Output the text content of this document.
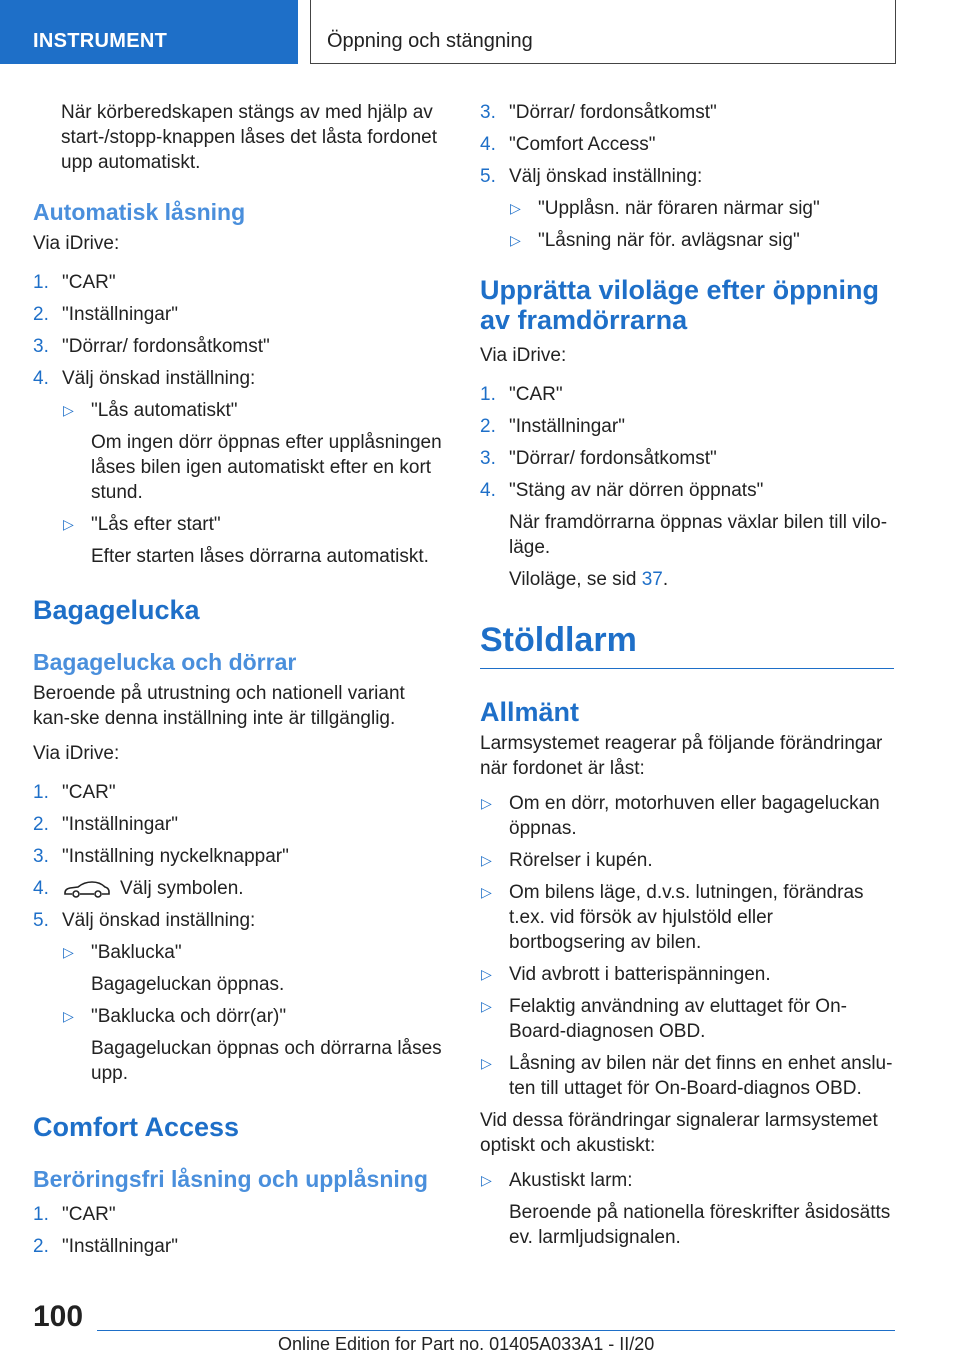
INSTRUMENT	Öppning och stängning

När körberedskapen stängs av med hjälp av start-/stopp-knappen låses det låsta fordonet upp automatiskt.

Automatisk låsning

Via iDrive:

1. "CAR"
2. "Inställningar"
3. "Dörrar/ fordonsåtkomst"
4. Välj önskad inställning:
▷ "Lås automatiskt"
Om ingen dörr öppnas efter upplåsningen låses bilen igen automatiskt efter en kort stund.
▷ "Lås efter start"
Efter starten låses dörrarna automatiskt.
Bagagelucka
Bagagelucka och dörrar

Beroende på utrustning och nationell variant kan-ske denna inställning inte är tillgänglig.

Via iDrive:

1. "CAR"
2. "Inställningar"
3. "Inställning nyckelknappar"
4.	Välj symbolen.
5. Välj önskad inställning:
▷ "Baklucka"
Bagageluckan öppnas.
▷ "Baklucka och dörr(ar)"
Bagageluckan öppnas och dörrarna låses upp.
Comfort Access
Beröringsfri låsning och upplåsning
1. "CAR"
2. "Inställningar"
3. "Dörrar/ fordonsåtkomst"
4. "Comfort Access"
5. Välj önskad inställning:
▷ "Upplåsn. när föraren närmar sig"
▷ "Låsning när för. avlägsnar sig"
Upprätta viloläge efter öppning av framdörrarna

Via iDrive:

1. "CAR"
2. "Inställningar"
3. "Dörrar/ fordonsåtkomst"
4. "Stäng av när dörren öppnats"
När framdörrarna öppnas växlar bilen till vilo-läge.
Viloläge, se sid 37.
Stöldlarm
Allmänt

Larmsystemet reagerar på följande förändringar när fordonet är låst:

▷ Om en dörr, motorhuven eller bagageluckan öppnas.
▷ Rörelser i kupén.
▷ Om bilens läge, d.v.s. lutningen, förändras t.ex. vid försök av hjulstöld eller bortbogsering av bilen.
▷ Vid avbrott i batterispänningen.
▷ Felaktig användning av eluttaget för On-Board-diagnosen OBD.
▷ Låsning av bilen när det finns en enhet anslu-ten till uttaget för On-Board-diagnos OBD.

Vid dessa förändringar signalerar larmsystemet optiskt och akustiskt:

▷ Akustiskt larm:
Beroende på nationella föreskrifter åsidosätts ev. larmljudsignalen.
100
Online Edition for Part no. 01405A033A1 - II/20
